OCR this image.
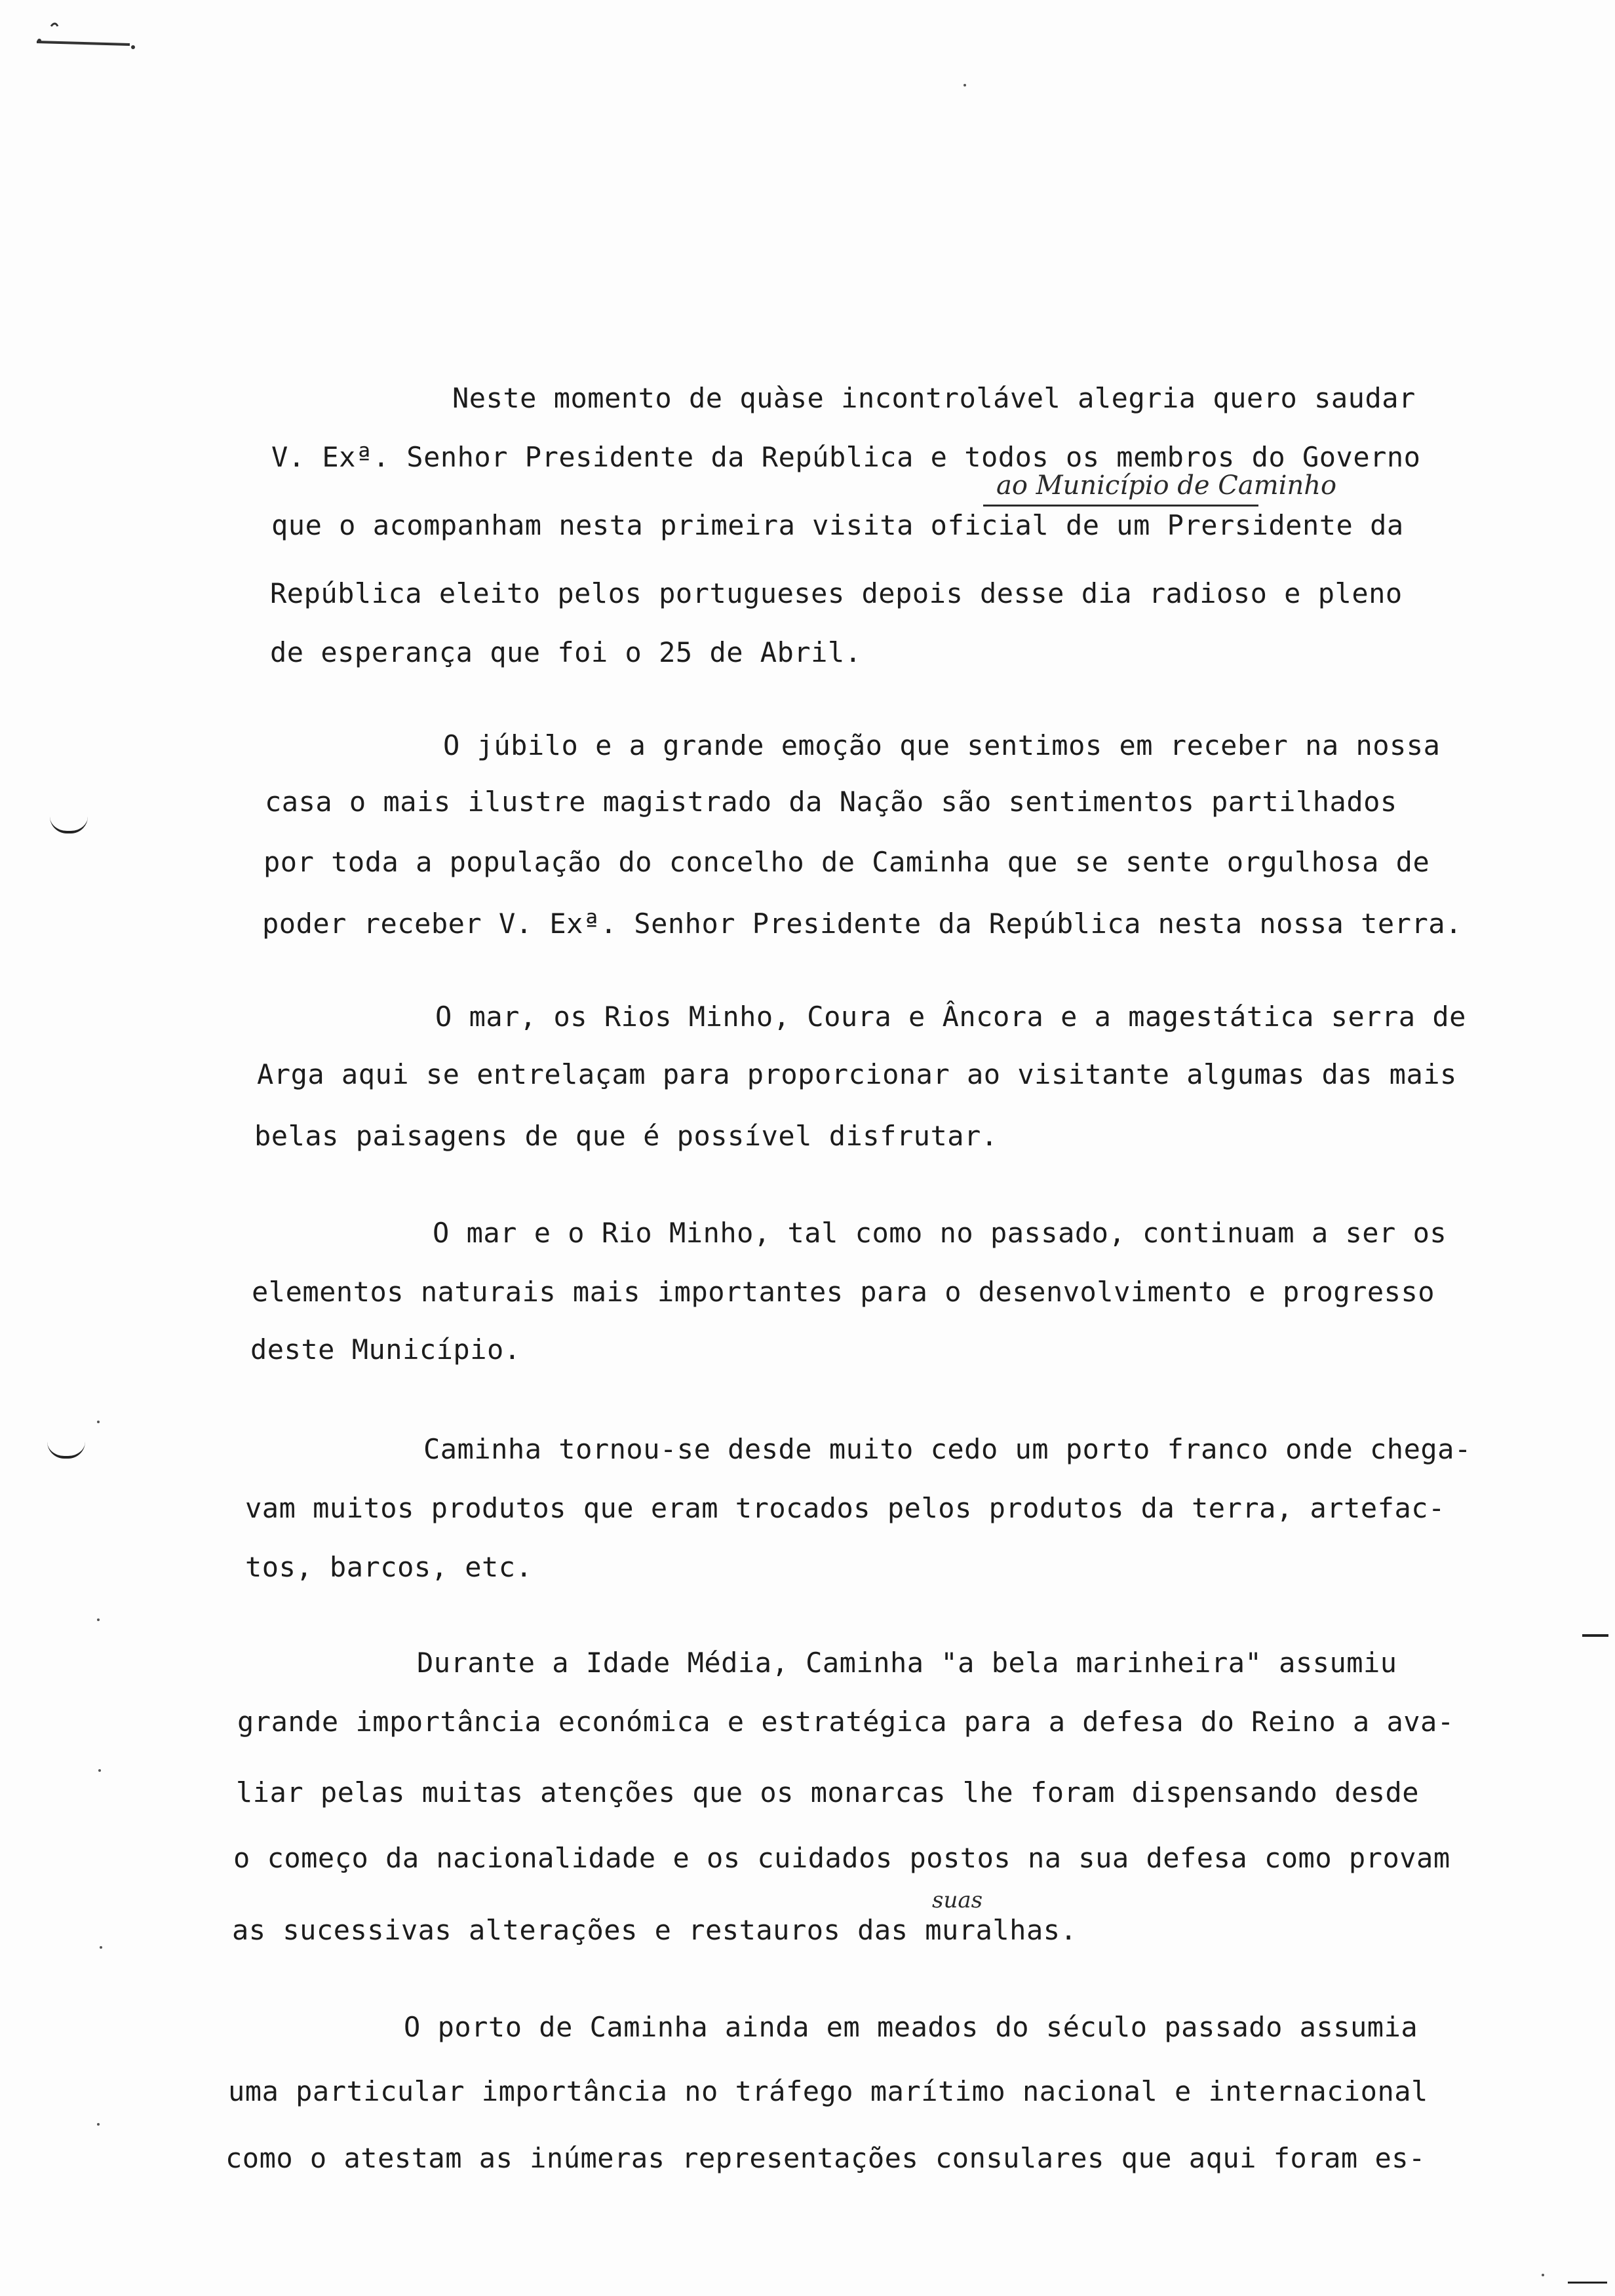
Neste momento de quàse incontrolável alegria quero saudar
V. Exª. Senhor Presidente da República e todos os membros do Governo
que o acompanham nesta primeira visita oficial de um Prersidente da
República eleito pelos portugueses depois desse dia radioso e pleno
de esperança que foi o 25 de Abril.
ao Município de Caminho
O júbilo e a grande emoção que sentimos em receber na nossa
casa o mais ilustre magistrado da Nação são sentimentos partilhados
por toda a população do concelho de Caminha que se sente orgulhosa de
poder receber V. Exª. Senhor Presidente da República nesta nossa terra.
O mar, os Rios Minho, Coura e Âncora e a magestática serra de
Arga aqui se entrelaçam para proporcionar ao visitante algumas das mais
belas paisagens de que é possível disfrutar.
O mar e o Rio Minho, tal como no passado, continuam a ser os
elementos naturais mais importantes para o desenvolvimento e progresso
deste Município.
Caminha tornou-se desde muito cedo um porto franco onde chega-
vam muitos produtos que eram trocados pelos produtos da terra, artefac-
tos, barcos, etc.
Durante a Idade Média, Caminha "a bela marinheira" assumiu
grande importância económica e estratégica para a defesa do Reino a ava-
liar pelas muitas atenções que os monarcas lhe foram dispensando desde
o começo da nacionalidade e os cuidados postos na sua defesa como provam
as sucessivas alterações e restauros das muralhas.
suas
O porto de Caminha ainda em meados do século passado assumia
uma particular importância no tráfego marítimo nacional e internacional
como o atestam as inúmeras representações consulares que aqui foram es-
